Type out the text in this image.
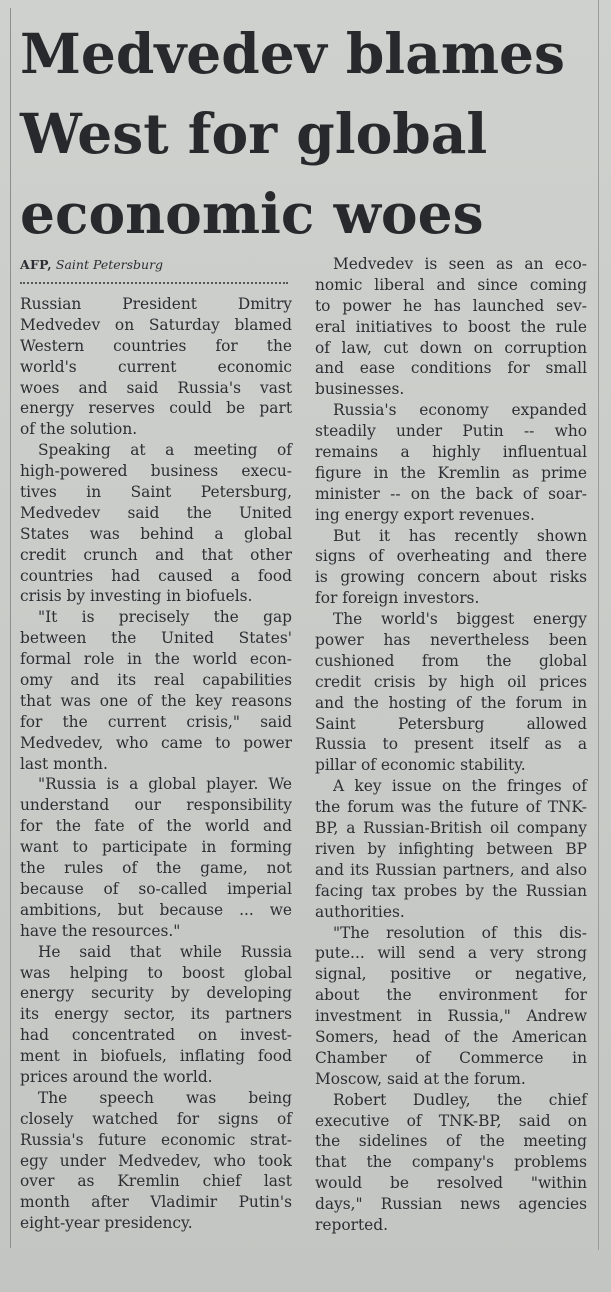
Medvedev blames
West for global
economic woes
AFP, Saint Petersburg
Russian President Dmitry
Medvedev on Saturday blamed
Western countries for the
world's current economic
woes and said Russia's vast
energy reserves could be part
of the solution.
Speaking at a meeting of
high-powered business execu-
tives in Saint Petersburg,
Medvedev said the United
States was behind a global
credit crunch and that other
countries had caused a food
crisis by investing in biofuels.
"It is precisely the gap
between the United States'
formal role in the world econ-
omy and its real capabilities
that was one of the key reasons
for the current crisis," said
Medvedev, who came to power
last month.
"Russia is a global player. We
understand our responsibility
for the fate of the world and
want to participate in forming
the rules of the game, not
because of so-called imperial
ambitions, but because ... we
have the resources."
He said that while Russia
was helping to boost global
energy security by developing
its energy sector, its partners
had concentrated on invest-
ment in biofuels, inflating food
prices around the world.
The speech was being
closely watched for signs of
Russia's future economic strat-
egy under Medvedev, who took
over as Kremlin chief last
month after Vladimir Putin's
eight-year presidency.
Medvedev is seen as an eco-
nomic liberal and since coming
to power he has launched sev-
eral initiatives to boost the rule
of law, cut down on corruption
and ease conditions for small
businesses.
Russia's economy expanded
steadily under Putin -- who
remains a highly influentual
figure in the Kremlin as prime
minister -- on the back of soar-
ing energy export revenues.
But it has recently shown
signs of overheating and there
is growing concern about risks
for foreign investors.
The world's biggest energy
power has nevertheless been
cushioned from the global
credit crisis by high oil prices
and the hosting of the forum in
Saint Petersburg allowed
Russia to present itself as a
pillar of economic stability.
A key issue on the fringes of
the forum was the future of TNK-
BP, a Russian-British oil company
riven by infighting between BP
and its Russian partners, and also
facing tax probes by the Russian
authorities.
"The resolution of this dis-
pute... will send a very strong
signal, positive or negative,
about the environment for
investment in Russia," Andrew
Somers, head of the American
Chamber of Commerce in
Moscow, said at the forum.
Robert Dudley, the chief
executive of TNK-BP, said on
the sidelines of the meeting
that the company's problems
would be resolved "within
days," Russian news agencies
reported.
